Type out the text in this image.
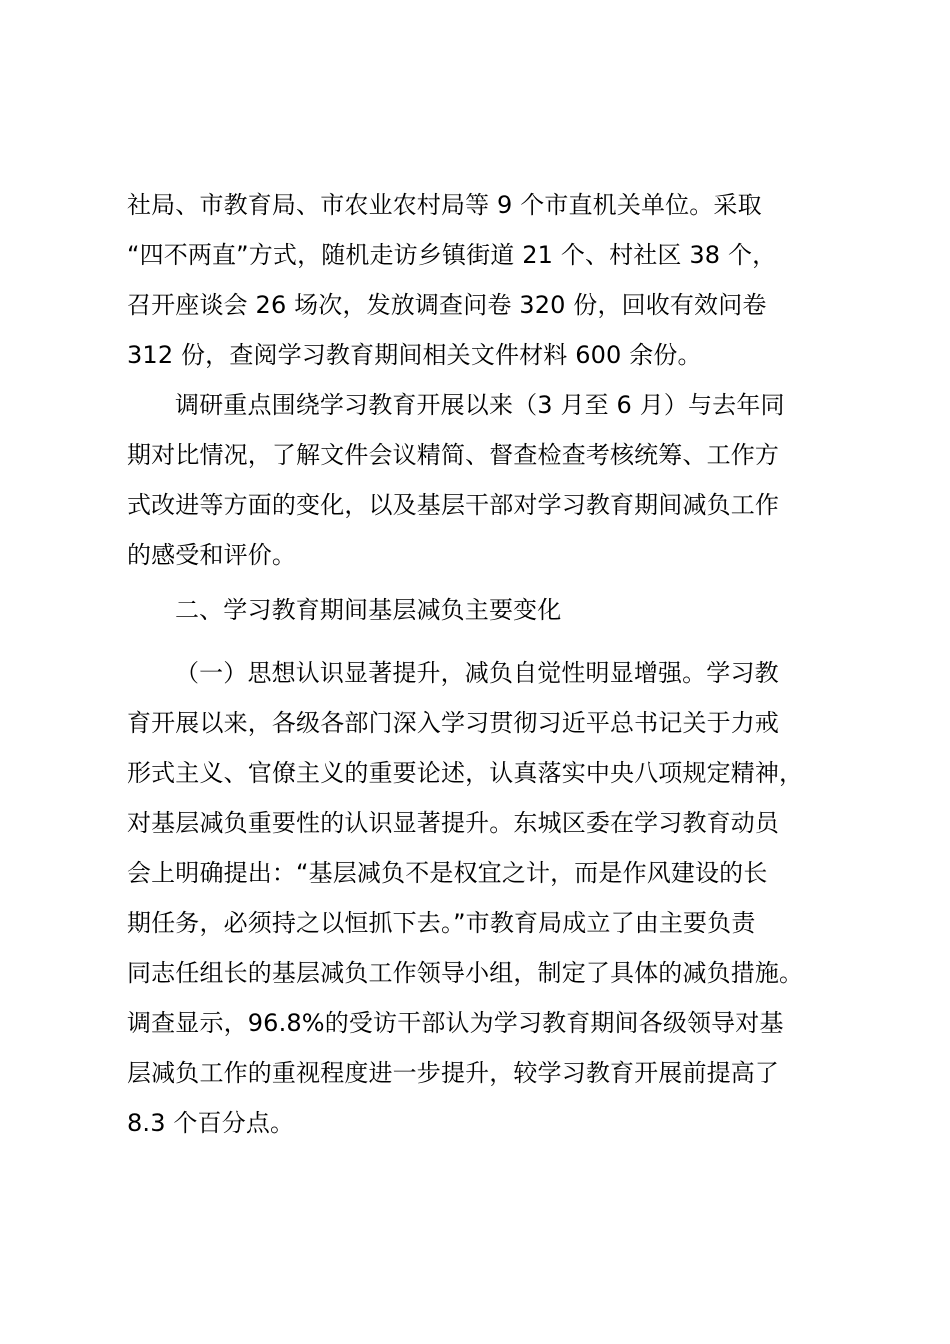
社局、市教育局、市农业农村局等 9 个市直机关单位。采取
“四不两直”方式，随机走访乡镇街道 21 个、村社区 38 个，
召开座谈会 26 场次，发放调查问卷 320 份，回收有效问卷
312 份，查阅学习教育期间相关文件材料 600 余份。
调研重点围绕学习教育开展以来（3 月至 6 月）与去年同
期对比情况，了解文件会议精简、督查检查考核统筹、工作方
式改进等方面的变化，以及基层干部对学习教育期间减负工作
的感受和评价。
二、学习教育期间基层减负主要变化
（一）思想认识显著提升，减负自觉性明显增强。学习教
育开展以来，各级各部门深入学习贯彻习近平总书记关于力戒
形式主义、官僚主义的重要论述，认真落实中央八项规定精神，
对基层减负重要性的认识显著提升。东城区委在学习教育动员
会上明确提出：“基层减负不是权宜之计，而是作风建设的长
期任务，必须持之以恒抓下去。”市教育局成立了由主要负责
同志任组长的基层减负工作领导小组，制定了具体的减负措施。
调查显示，96.8%的受访干部认为学习教育期间各级领导对基
层减负工作的重视程度进一步提升，较学习教育开展前提高了
8.3 个百分点。
